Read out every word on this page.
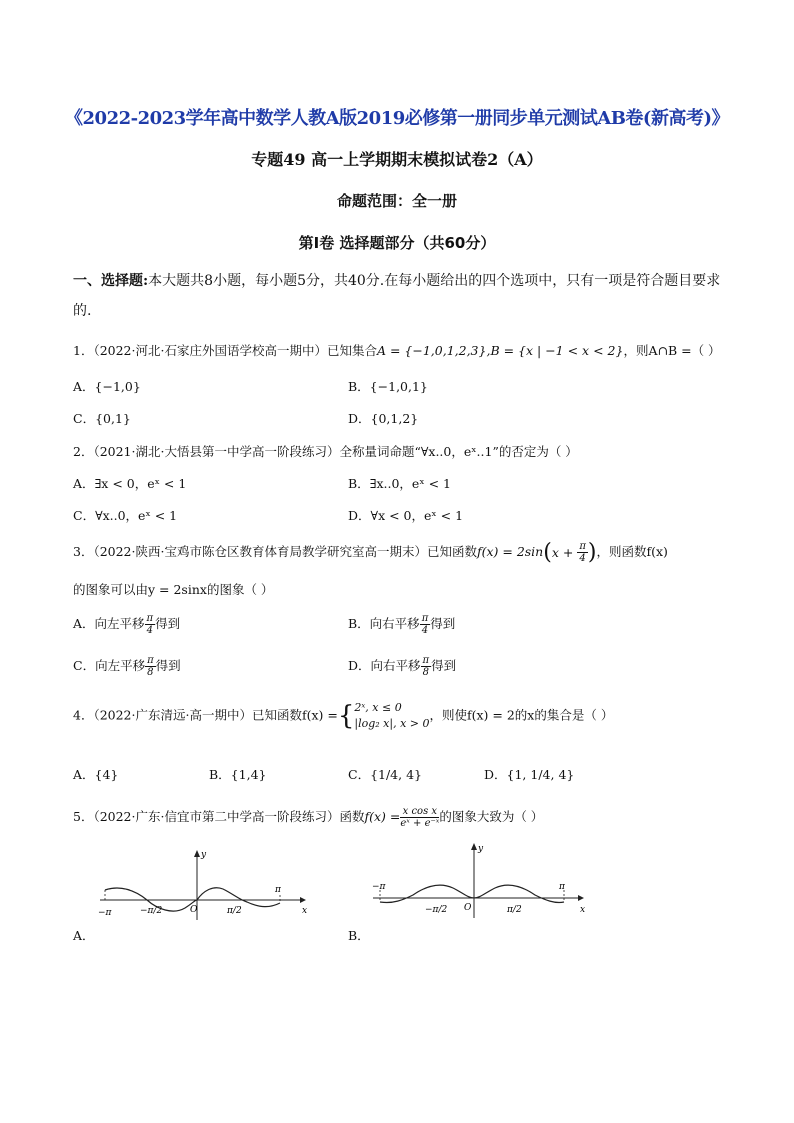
《2022-2023学年高中数学人教A版2019必修第一册同步单元测试AB卷(新高考)》
专题49 高一上学期期末模拟试卷2（A）
命题范围：全一册
第Ⅰ卷 选择题部分（共60分）
一、选择题:本大题共8小题，每小题5分，共40分.在每小题给出的四个选项中，只有一项是符合题目要求的.
1．（2022·河北·石家庄外国语学校高一期中）已知集合A = {−1,0,1,2,3},B = {x | −1 < x < 2}，则A∩B =（ ）
A．{−1,0}	B．{−1,0,1}
C．{0,1}	D．{0,1,2}
2．（2021·湖北·大悟县第一中学高一阶段练习）全称量词命题“∀x..0，eˣ..1”的否定为（ ）
A．∃x < 0，eˣ < 1	B．∃x..0，eˣ < 1
C．∀x..0，eˣ < 1	D．∀x < 0，eˣ < 1
3．（2022·陕西·宝鸡市陈仓区教育体育局教学研究室高一期末）已知函数$f(x) = 2\sin(x + \frac{\pi}{4}$ )，则函数f(x)
的图象可以由y = 2sinx的图象（ ）
A．向左平移 $\frac{\pi}{4}$ 得到	B．向右平移 $\frac{\pi}{4}$ 得到
C．向左平移 $\frac{\pi}{8}$ 得到	D．向右平移 $\frac{\pi}{8}$ 得到
4．（2022·广东清远·高一期中）已知函数f(x) ={ 2ˣ, x ≤ 0
|log₂ x|, x > 0
，则使f(x) = 2的x的集合是（ ）
A．{4}	B．{1,4}	C．{1/4, 4}	D．{1, 1/4, 4}
5．（2022·广东·信宜市第二中学高一阶段练习）函数$f(x) = \frac{\text{x cos x}}{\text{eˣ + e⁻ˣ}}$ 的图象大致为（ ）
−π	−π/2	O	π/2
π
y
x
A．
−π
−π/2 O	π/2
π
y
x
B．
